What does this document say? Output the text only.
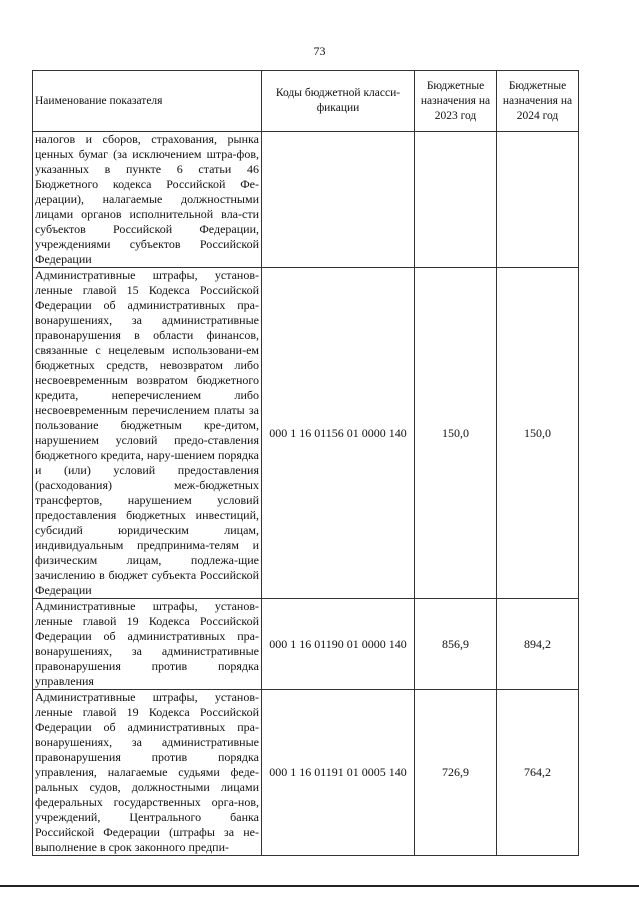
73
Наименование показателя	Коды бюджетной класси-фикации	Бюджетные назначения на 2023 год	Бюджетные назначения на 2024 год
налогов и сборов, страхования, рынка ценных бумаг (за исключением штра-фов, указанных в пункте 6 статьи 46 Бюджетного кодекса Российской Фе-дерации), налагаемые должностными лицами органов исполнительной вла-сти субъектов Российской Федерации, учреждениями субъектов Российской Федерации			
Административные штрафы, установ-ленные главой 15 Кодекса Российской Федерации об административных пра-вонарушениях, за административные правонарушения в области финансов, связанные с нецелевым использовани-ем бюджетных средств, невозвратом либо несвоевременным возвратом бюджетного кредита, неперечислением либо несвоевременным перечислением платы за пользование бюджетным кре-дитом, нарушением условий предо-ставления бюджетного кредита, нару-шением порядка и (или) условий предоставления (расходования) меж-бюджетных трансфертов, нарушением условий предоставления бюджетных инвестиций, субсидий юридическим лицам, индивидуальным предпринима-телям и физическим лицам, подлежа-щие зачислению в бюджет субъекта Российской Федерации	000 1 16 01156 01 0000 140	150,0	150,0
Административные штрафы, установ-ленные главой 19 Кодекса Российской Федерации об административных пра-вонарушениях, за административные правонарушения против порядка управления	000 1 16 01190 01 0000 140	856,9	894,2
Административные штрафы, установ-ленные главой 19 Кодекса Российской Федерации об административных пра-вонарушениях, за административные правонарушения против порядка управления, налагаемые судьями феде-ральных судов, должностными лицами федеральных государственных орга-нов, учреждений, Центрального банка Российской Федерации (штрафы за не-выполнение в срок законного предпи-	000 1 16 01191 01 0005 140	726,9	764,2
